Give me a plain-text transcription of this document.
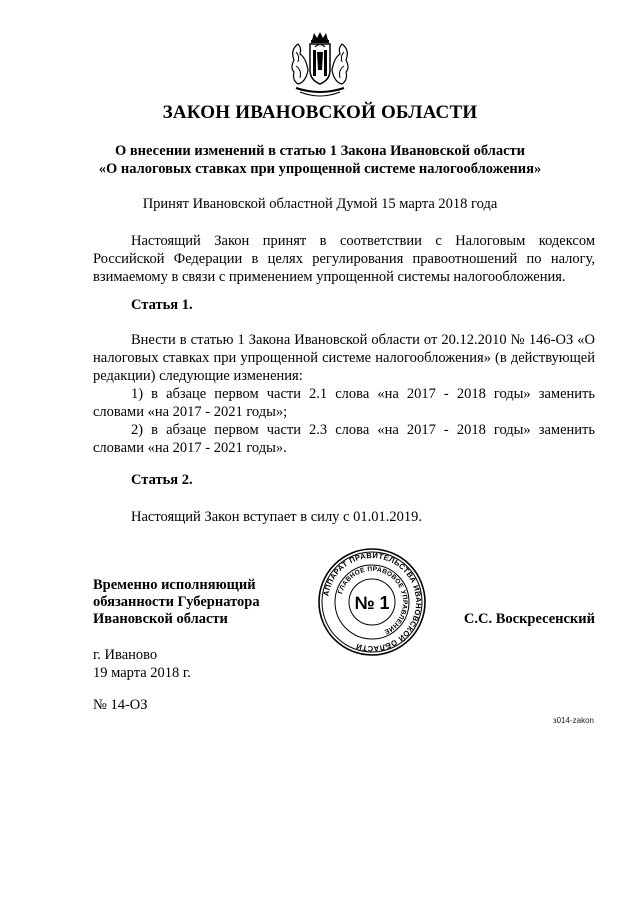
ЗАКОН ИВАНОВСКОЙ ОБЛАСТИ
О внесении изменений в статью 1 Закона Ивановской области
«О налоговых ставках при упрощенной системе налогообложения»
Принят Ивановской областной Думой 15 марта 2018 года

Настоящий Закон принят в соответствии с Налоговым кодексом Российской Федерации в целях регулирования правоотношений по налогу, взимаемому в связи с применением упрощенной системы налогообложения.

Статья 1.

Внести в статью 1 Закона Ивановской области от 20.12.2010 № 146-ОЗ «О налоговых ставках при упрощенной системе налогообложения» (в действующей редакции) следующие изменения:

1) в абзаце первом части 2.1 слова «на 2017 - 2018 годы» заменить словами «на 2017 - 2021 годы»;

2) в абзаце первом части 2.3 слова «на 2017 - 2018 годы» заменить словами «на 2017 - 2021 годы».

Статья 2.

Настоящий Закон вступает в силу с 01.01.2019.

Временно исполняющий
обязанности Губернатора
Ивановской области
АППАРАТ ПРАВИТЕЛЬСТВА ИВАНОВСКОЙ ОБЛАСТИ
ГЛАВНОЕ ПРАВОВОЕ УПРАВЛЕНИЕ
№ 1
С.С. Воскресенский
г. Иваново
19 марта 2018 г.
№ 14-ОЗ
з014-zakon
